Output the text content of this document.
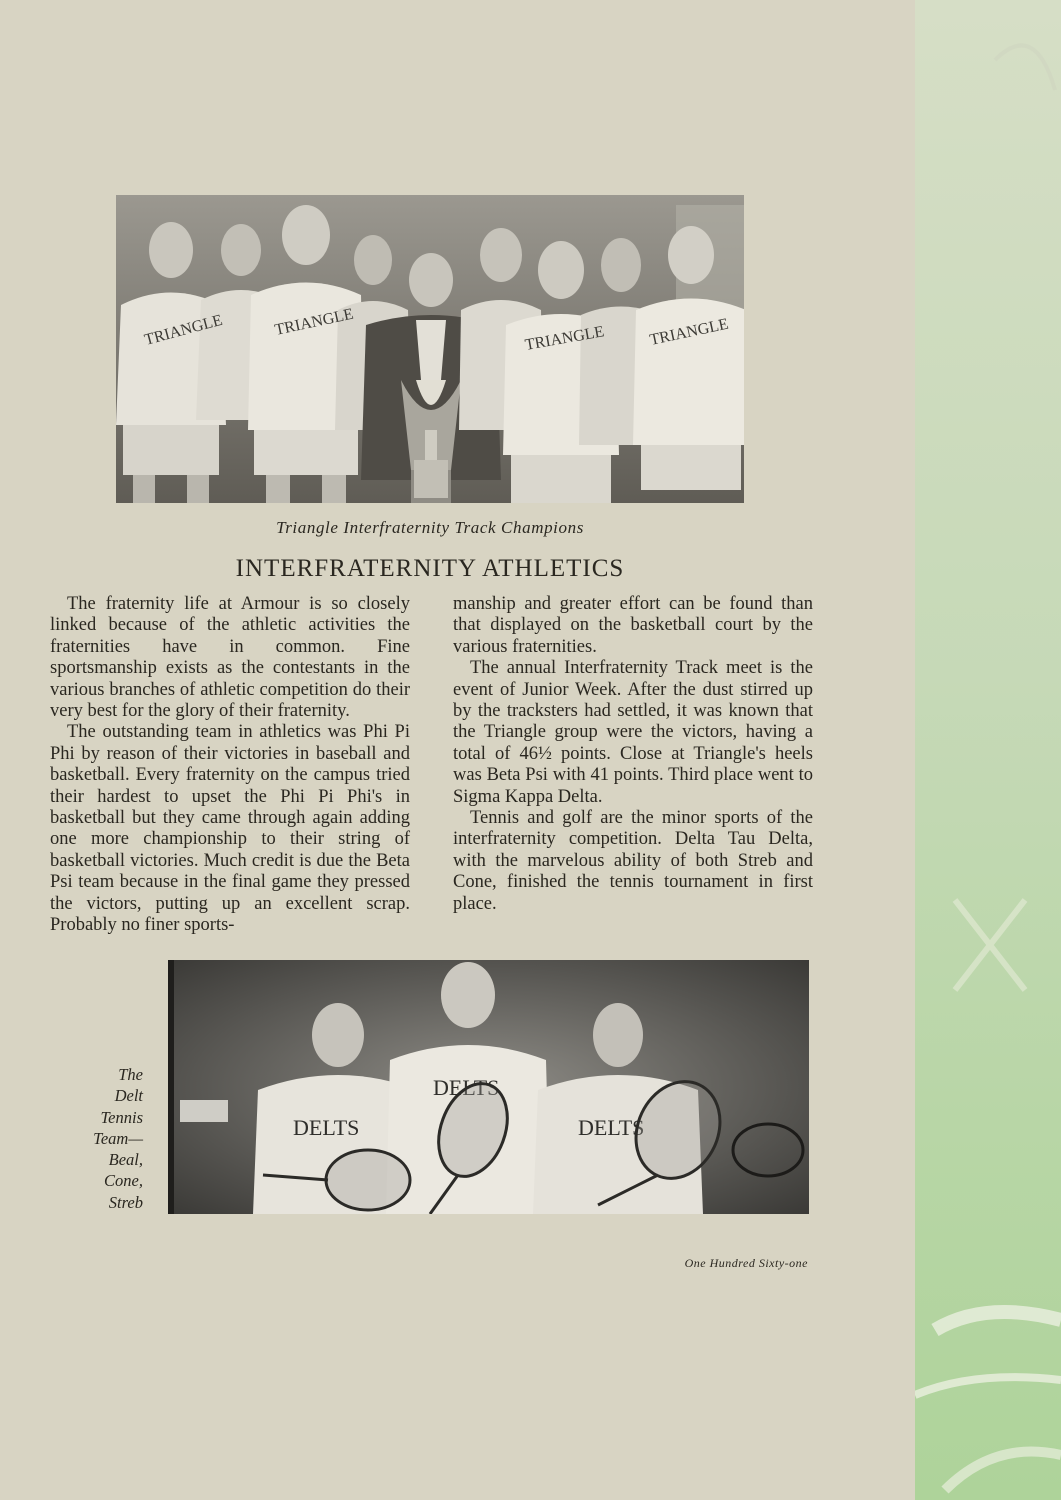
TRIANGLE	TRIANGLE	TRIANGLE	TRIANGLE
Triangle Interfraternity Track Champions
INTERFRATERNITY ATHLETICS

The fraternity life at Armour is so closely linked because of the athletic activities the fraternities have in common. Fine sportsmanship exists as the contestants in the various branches of athletic competition do their very best for the glory of their fraternity.

The outstanding team in athletics was Phi Pi Phi by reason of their victories in baseball and basketball. Every fraternity on the campus tried their hardest to upset the Phi Pi Phi's in basketball but they came through again adding one more championship to their string of basketball victories. Much credit is due the Beta Psi team because in the final game they pressed the victors, putting up an excellent scrap. Probably no finer sports-

manship and greater effort can be found than that displayed on the basketball court by the various fraternities.

The annual Interfraternity Track meet is the event of Junior Week. After the dust stirred up by the tracksters had settled, it was known that the Triangle group were the victors, having a total of 46½ points. Close at Triangle's heels was Beta Psi with 41 points. Third place went to Sigma Kappa Delta.

Tennis and golf are the minor sports of the interfraternity competition. Delta Tau Delta, with the marvelous ability of both Streb and Cone, finished the tennis tournament in first place.

DELTS
DELTS
DELTS
The
Delt
Tennis
Team—
Beal,
Cone,
Streb
One Hundred Sixty-one
